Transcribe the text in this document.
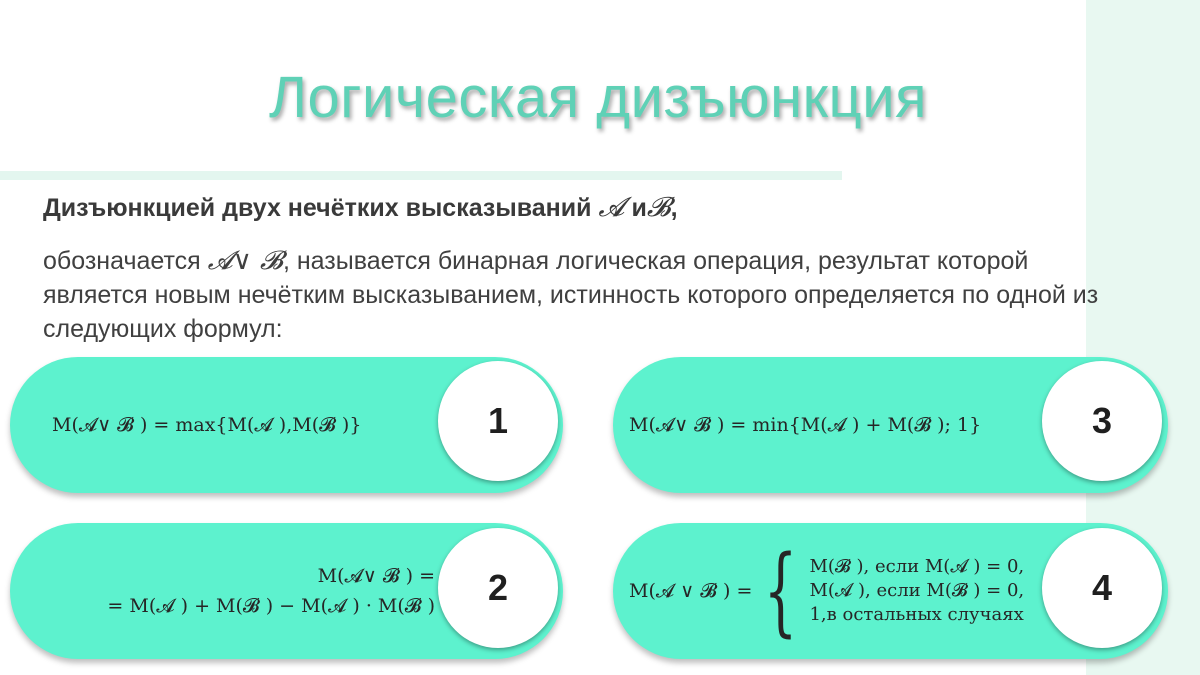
Логическая дизъюнкция
Дизъюнкцией двух нечётких высказываний 𝓐 и𝓑,
обозначается 𝓐∨ 𝓑, называется бинарная логическая операция, результат которой является новым нечётким высказыванием, истинность которого определяется по одной из следующих формул:
M(𝓐∨ 𝓑 ) = max{M(𝓐 ),M(𝓑 )}	1
M(𝓐∨ 𝓑 ) =
= M(𝓐 ) + M(𝓑 ) − M(𝓐 ) · M(𝓑 )	2
M(𝓐∨ 𝓑 ) = min{M(𝓐 ) + M(𝓑 ); 1}	3
M(𝓐 ∨ 𝓑 ) = { M(𝓑 ), если M(𝓐 ) = 0,
M(𝓐 ), если M(𝓑 ) = 0,
1,в остальных случаях
4
